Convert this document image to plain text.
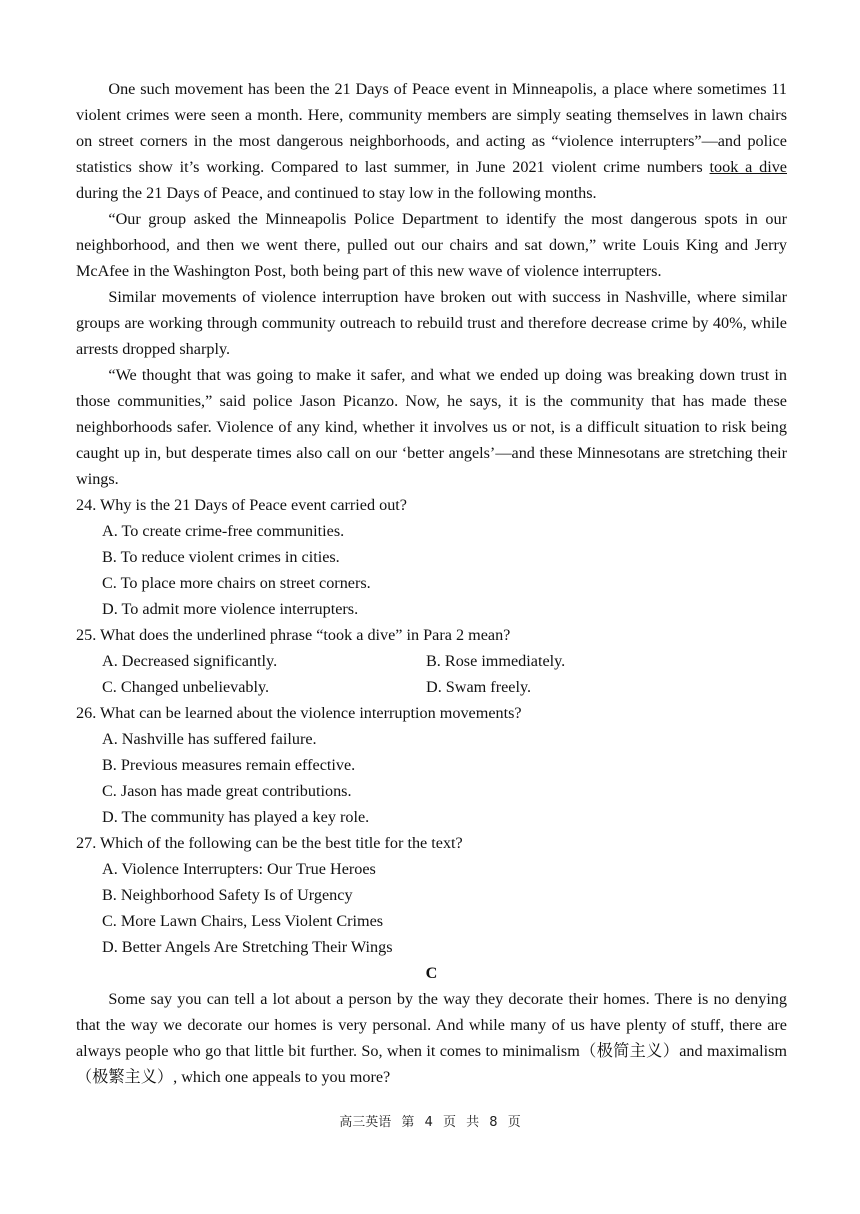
One such movement has been the 21 Days of Peace event in Minneapolis, a place where sometimes 11 violent crimes were seen a month. Here, community members are simply seating themselves in lawn chairs on street corners in the most dangerous neighborhoods, and acting as “violence interrupters”—and police statistics show it’s working. Compared to last summer, in June 2021 violent crime numbers took a dive during the 21 Days of Peace, and continued to stay low in the following months.

“Our group asked the Minneapolis Police Department to identify the most dangerous spots in our neighborhood, and then we went there, pulled out our chairs and sat down,” write Louis King and Jerry McAfee in the Washington Post, both being part of this new wave of violence interrupters.

Similar movements of violence interruption have broken out with success in Nashville, where similar groups are working through community outreach to rebuild trust and therefore decrease crime by 40%, while arrests dropped sharply.

“We thought that was going to make it safer, and what we ended up doing was breaking down trust in those communities,” said police Jason Picanzo. Now, he says, it is the community that has made these neighborhoods safer. Violence of any kind, whether it involves us or not, is a difficult situation to risk being caught up in, but desperate times also call on our ‘better angels’—and these Minnesotans are stretching their wings.

24. Why is the 21 Days of Peace event carried out?

A. To create crime-free communities.

B. To reduce violent crimes in cities.

C. To place more chairs on street corners.

D. To admit more violence interrupters.

25. What does the underlined phrase “took a dive” in Para 2 mean?

A. Decreased significantly.	B. Rose immediately.
C. Changed unbelievably.	D. Swam freely.

26. What can be learned about the violence interruption movements?

A. Nashville has suffered failure.

B. Previous measures remain effective.

C. Jason has made great contributions.

D. The community has played a key role.

27. Which of the following can be the best title for the text?

A. Violence Interrupters: Our True Heroes

B. Neighborhood Safety Is of Urgency

C. More Lawn Chairs, Less Violent Crimes

D. Better Angels Are Stretching Their Wings

C

Some say you can tell a lot about a person by the way they decorate their homes. There is no denying that the way we decorate our homes is very personal. And while many of us have plenty of stuff, there are always people who go that little bit further. So, when it comes to minimalism（极简主义）and maximalism（极繁主义）, which one appeals to you more?

高三英语 第 4 页 共 8 页
